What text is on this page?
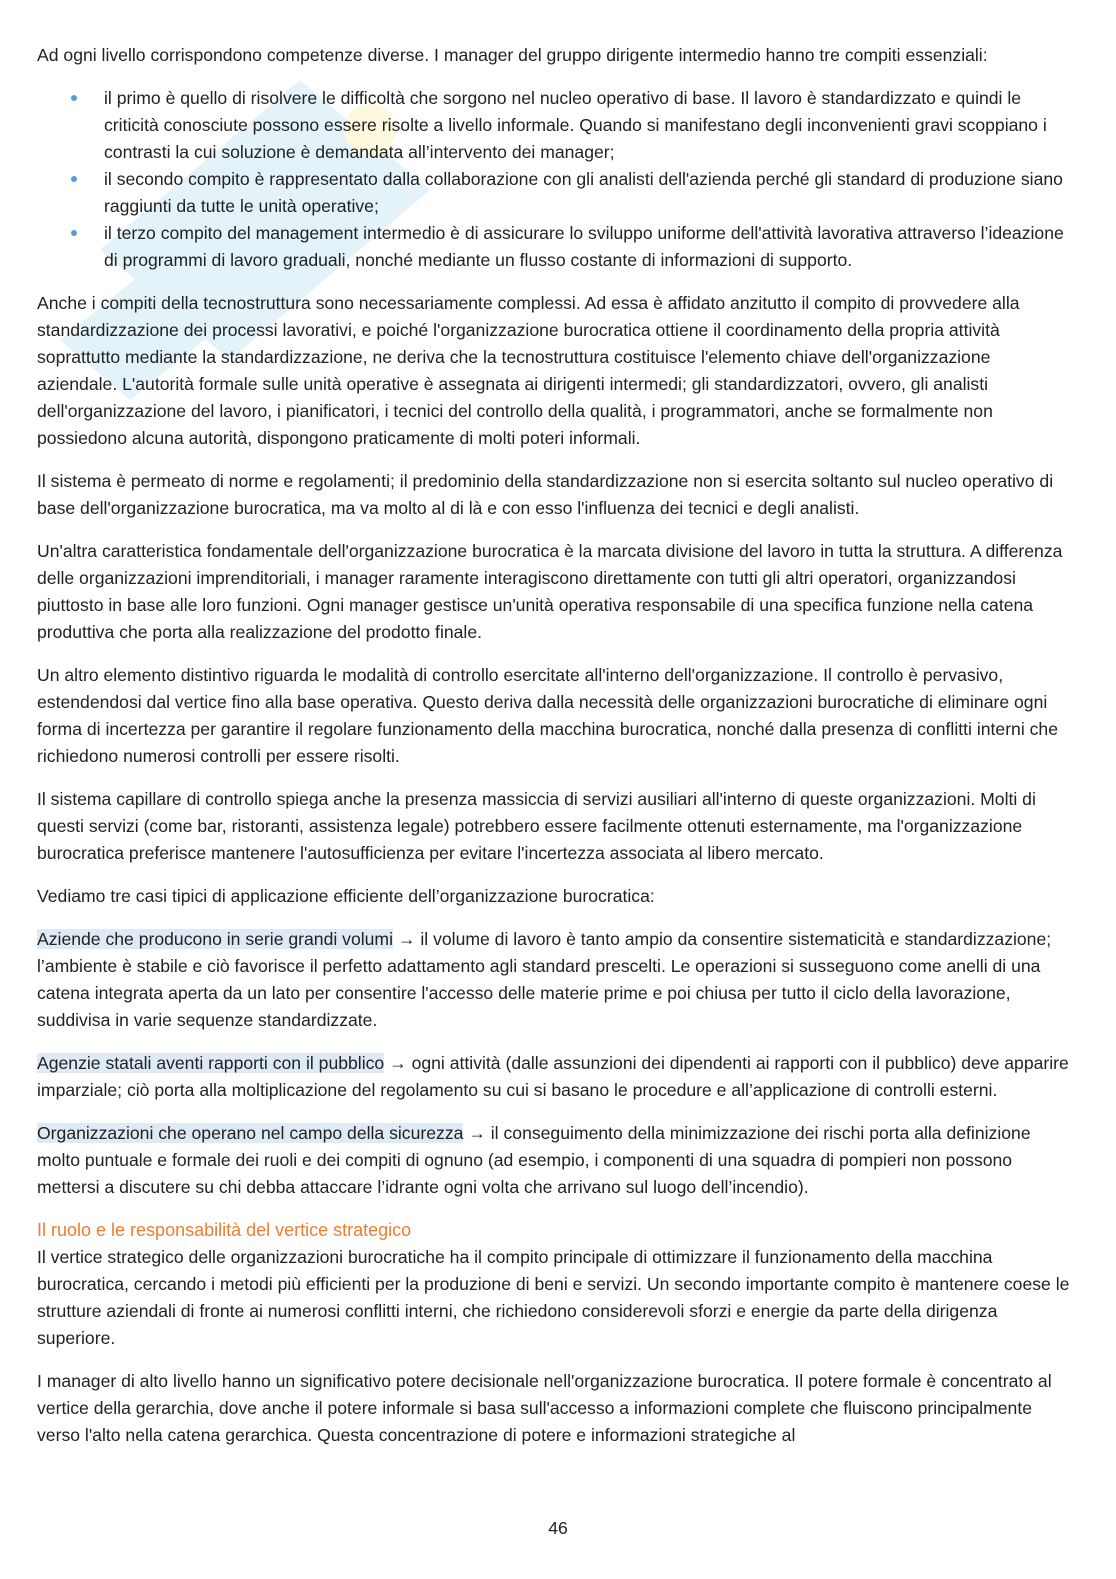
Ad ogni livello corrispondono competenze diverse. I manager del gruppo dirigente intermedio hanno tre compiti essenziali:

il primo è quello di risolvere le difficoltà che sorgono nel nucleo operativo di base. Il lavoro è standardizzato e quindi le criticità conosciute possono essere risolte a livello informale. Quando si manifestano degli inconvenienti gravi scoppiano i contrasti la cui soluzione è demandata all’intervento dei manager;
il secondo compito è rappresentato dalla collaborazione con gli analisti dell'azienda perché gli standard di produzione siano raggiunti da tutte le unità operative;
il terzo compito del management intermedio è di assicurare lo sviluppo uniforme dell'attività lavorativa attraverso l’ideazione di programmi di lavoro graduali, nonché mediante un flusso costante di informazioni di supporto.

Anche i compiti della tecnostruttura sono necessariamente complessi. Ad essa è affidato anzitutto il compito di provvedere alla standardizzazione dei processi lavorativi, e poiché l'organizzazione burocratica ottiene il coordinamento della propria attività soprattutto mediante la standardizzazione, ne deriva che la tecnostruttura costituisce l'elemento chiave dell'organizzazione aziendale. L'autorità formale sulle unità operative è assegnata ai dirigenti intermedi; gli standardizzatori, ovvero, gli analisti dell'organizzazione del lavoro, i pianificatori, i tecnici del controllo della qualità, i programmatori, anche se formalmente non possiedono alcuna autorità, dispongono praticamente di molti poteri informali.

Il sistema è permeato di norme e regolamenti; il predominio della standardizzazione non si esercita soltanto sul nucleo operativo di base dell'organizzazione burocratica, ma va molto al di là e con esso l'influenza dei tecnici e degli analisti.

Un'altra caratteristica fondamentale dell'organizzazione burocratica è la marcata divisione del lavoro in tutta la struttura. A differenza delle organizzazioni imprenditoriali, i manager raramente interagiscono direttamente con tutti gli altri operatori, organizzandosi piuttosto in base alle loro funzioni. Ogni manager gestisce un'unità operativa responsabile di una specifica funzione nella catena produttiva che porta alla realizzazione del prodotto finale.

Un altro elemento distintivo riguarda le modalità di controllo esercitate all'interno dell'organizzazione. Il controllo è pervasivo, estendendosi dal vertice fino alla base operativa. Questo deriva dalla necessità delle organizzazioni burocratiche di eliminare ogni forma di incertezza per garantire il regolare funzionamento della macchina burocratica, nonché dalla presenza di conflitti interni che richiedono numerosi controlli per essere risolti.

Il sistema capillare di controllo spiega anche la presenza massiccia di servizi ausiliari all'interno di queste organizzazioni. Molti di questi servizi (come bar, ristoranti, assistenza legale) potrebbero essere facilmente ottenuti esternamente, ma l'organizzazione burocratica preferisce mantenere l'autosufficienza per evitare l'incertezza associata al libero mercato.

Vediamo tre casi tipici di applicazione efficiente dell’organizzazione burocratica:

Aziende che producono in serie grandi volumi → il volume di lavoro è tanto ampio da consentire sistematicità e standardizzazione; l’ambiente è stabile e ciò favorisce il perfetto adattamento agli standard prescelti. Le operazioni si susseguono come anelli di una catena integrata aperta da un lato per consentire l'accesso delle materie prime e poi chiusa per tutto il ciclo della lavorazione, suddivisa in varie sequenze standardizzate.

Agenzie statali aventi rapporti con il pubblico → ogni attività (dalle assunzioni dei dipendenti ai rapporti con il pubblico) deve apparire imparziale; ciò porta alla moltiplicazione del regolamento su cui si basano le procedure e all’applicazione di controlli esterni.

Organizzazioni che operano nel campo della sicurezza → il conseguimento della minimizzazione dei rischi porta alla definizione molto puntuale e formale dei ruoli e dei compiti di ognuno (ad esempio, i componenti di una squadra di pompieri non possono mettersi a discutere su chi debba attaccare l’idrante ogni volta che arrivano sul luogo dell’incendio).

Il ruolo e le responsabilità del vertice strategico

Il vertice strategico delle organizzazioni burocratiche ha il compito principale di ottimizzare il funzionamento della macchina burocratica, cercando i metodi più efficienti per la produzione di beni e servizi. Un secondo importante compito è mantenere coese le strutture aziendali di fronte ai numerosi conflitti interni, che richiedono considerevoli sforzi e energie da parte della dirigenza superiore.

I manager di alto livello hanno un significativo potere decisionale nell'organizzazione burocratica. Il potere formale è concentrato al vertice della gerarchia, dove anche il potere informale si basa sull'accesso a informazioni complete che fluiscono principalmente verso l'alto nella catena gerarchica. Questa concentrazione di potere e informazioni strategiche al

46
